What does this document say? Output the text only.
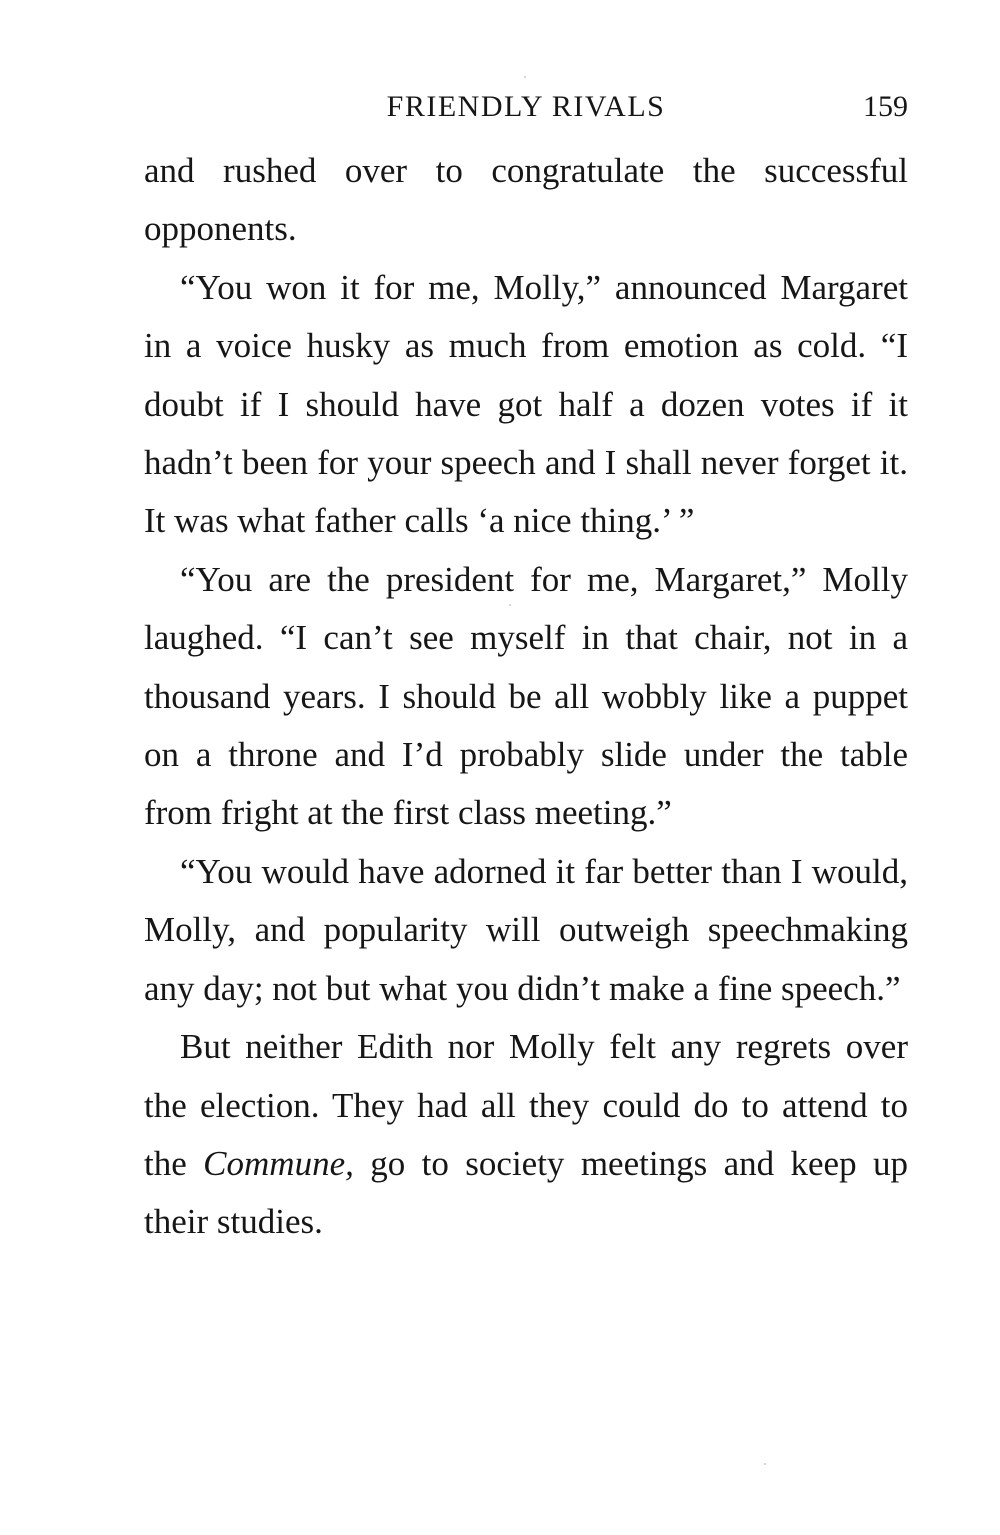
FRIENDLY RIVALS	159

and rushed over to congratulate the successful opponents.

“You won it for me, Molly,” announced Margaret in a voice husky as much from emotion as cold. “I doubt if I should have got half a dozen votes if it hadn’t been for your speech and I shall never forget it. It was what father calls ‘a nice thing.’ ”

“You are the president for me, Margaret,” Molly laughed. “I can’t see myself in that chair, not in a thousand years. I should be all wobbly like a puppet on a throne and I’d probably slide under the table from fright at the first class meeting.”

“You would have adorned it far better than I would, Molly, and popularity will outweigh speechmaking any day; not but what you didn’t make a fine speech.”

But neither Edith nor Molly felt any regrets over the election. They had all they could do to attend to the Commune, go to society meetings and keep up their studies.
